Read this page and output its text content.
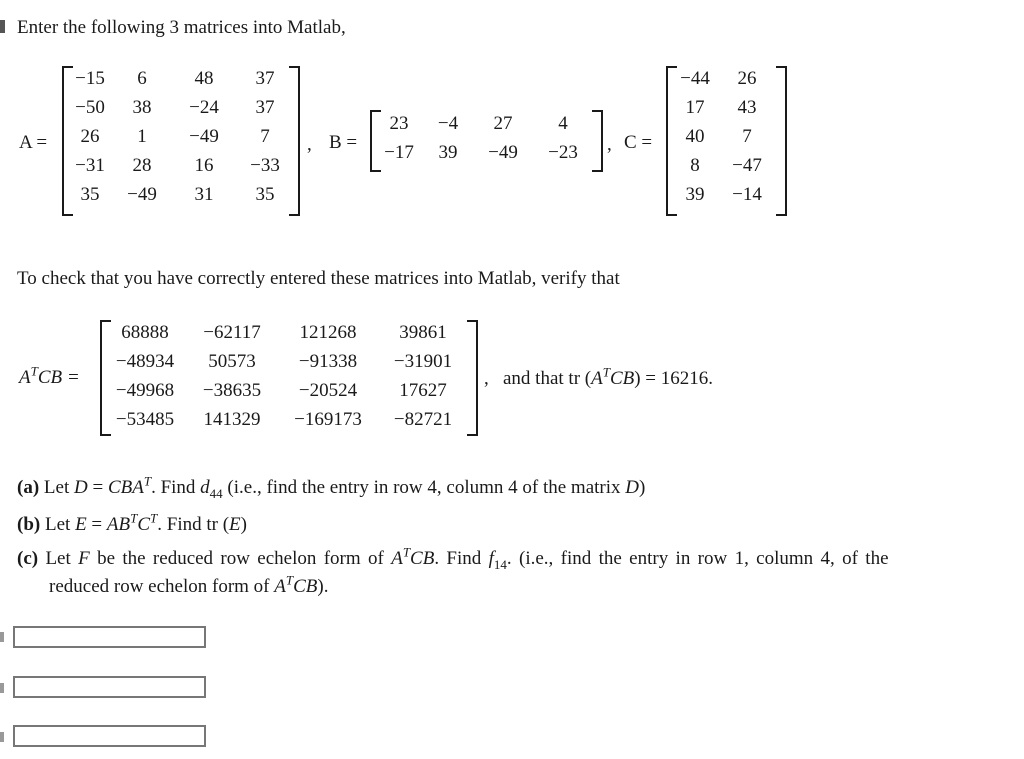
Enter the following 3 matrices into Matlab,
A =
−15	6	48	37
−50	38	−24	37
26	1	−49	7
−31	28	16	−33
35	−49	31	35
, B =
23	−4	27	4
−17	39	−49	−23 , C =
−44	26
17	43
40	7
8	−47
39	−14
To check that you have correctly entered these matrices into Matlab, verify that
$A^TCB$ =
68888	−62117	121268	39861
−48934	50573	−91338	−31901
−49968	−38635	−20524	17627
−53485	141329	−169173	−82721
, and that tr $(A^TCB) = 16216$.
(a) Let $D = CBA^T$. Find $d_{44}$ (i.e., find the entry in row 4, column 4 of the matrix D)
(b) Let $E = AB^TC^T$. Find tr (E)
(c) Let F be the reduced row echelon form of $A^TCB$. Find $f_{14}$. (i.e., find the entry in row 1, column 4, of the
reduced row echelon form of $A^TCB$).
